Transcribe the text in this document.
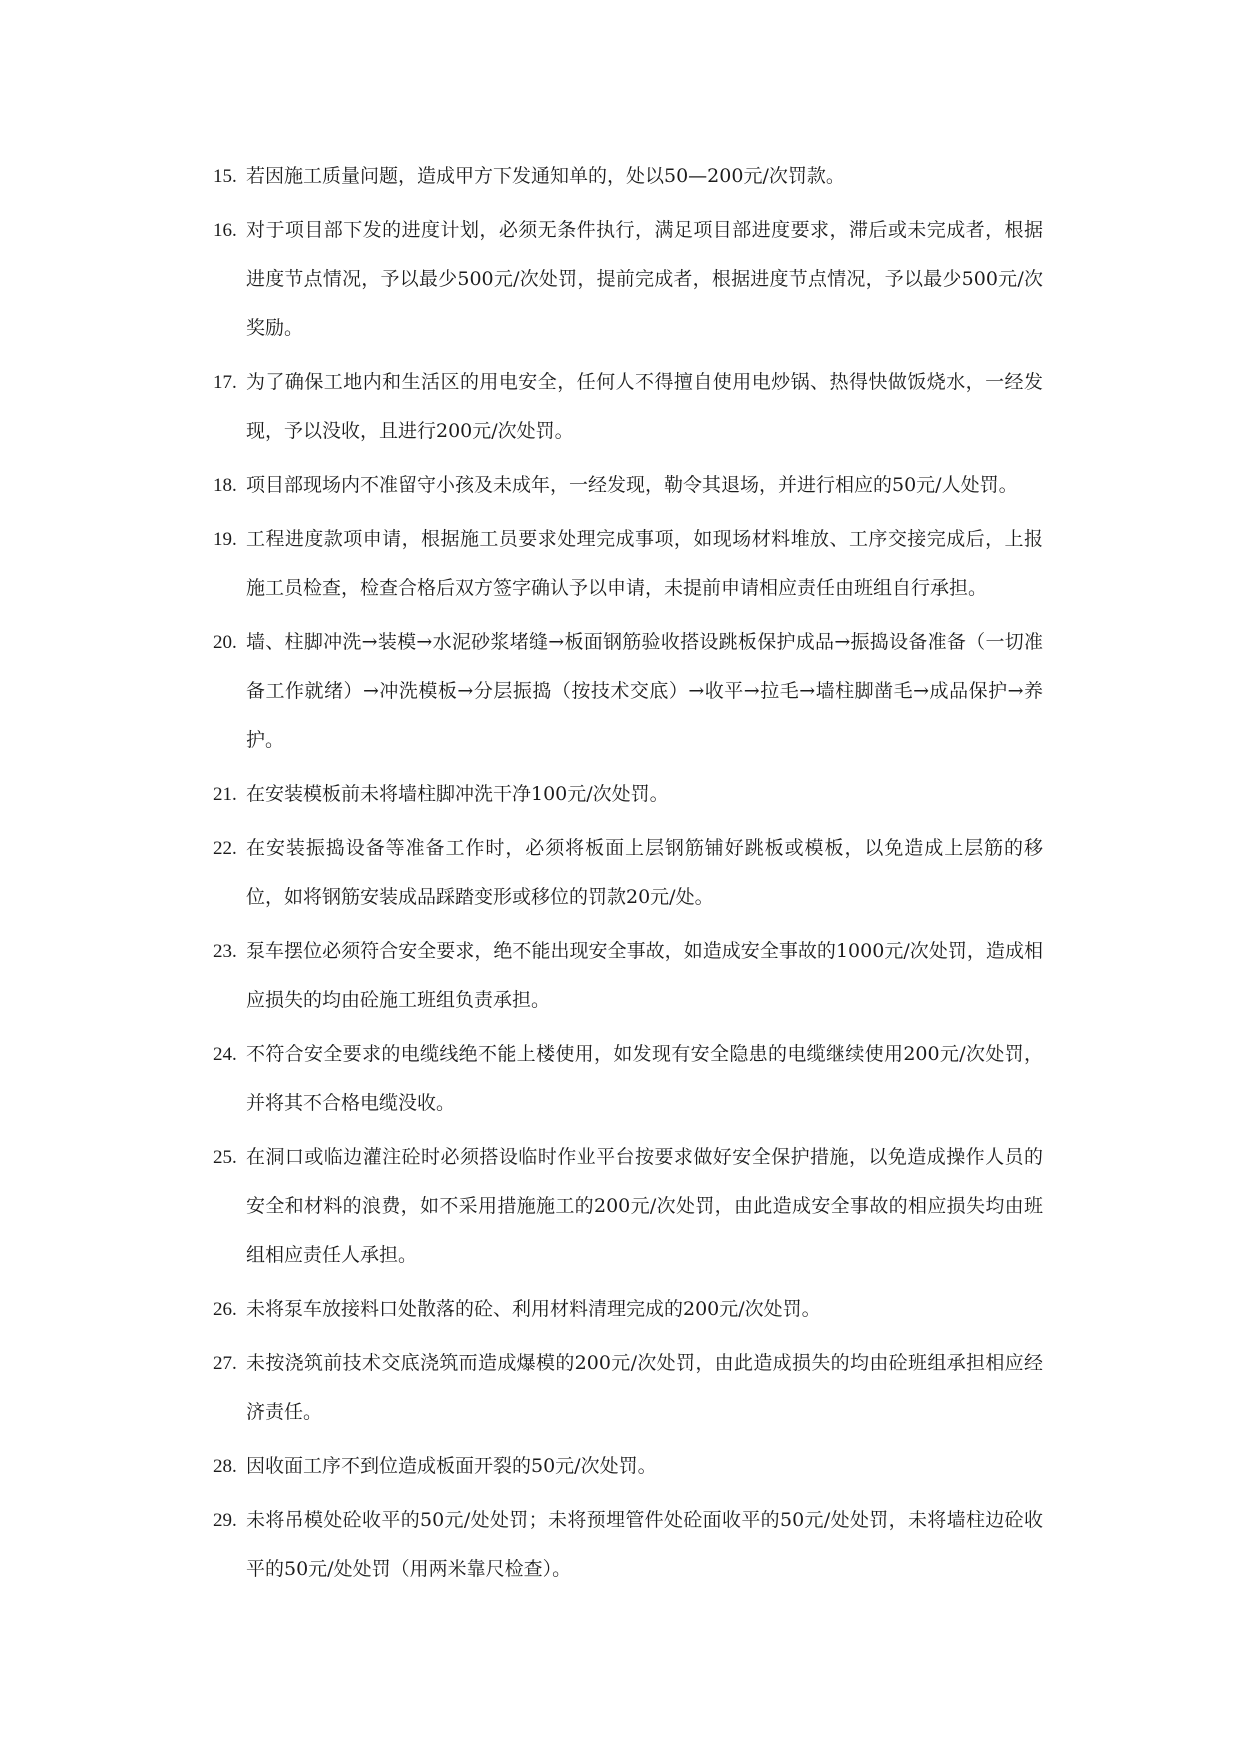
15. 若因施工质量问题，造成甲方下发通知单的，处以50—200元/次罚款。
16. 对于项目部下发的进度计划，必须无条件执行，满足项目部进度要求，滞后或未完成者，根据进度节点情况，予以最少500元/次处罚，提前完成者，根据进度节点情况，予以最少500元/次奖励。
17. 为了确保工地内和生活区的用电安全，任何人不得擅自使用电炒锅、热得快做饭烧水，一经发现，予以没收，且进行200元/次处罚。
18. 项目部现场内不准留守小孩及未成年，一经发现，勒令其退场，并进行相应的50元/人处罚。
19. 工程进度款项申请，根据施工员要求处理完成事项，如现场材料堆放、工序交接完成后，上报施工员检查，检查合格后双方签字确认予以申请，未提前申请相应责任由班组自行承担。
20. 墙、柱脚冲洗→装模→水泥砂浆堵缝→板面钢筋验收搭设跳板保护成品→振捣设备准备（一切准备工作就绪）→冲洗模板→分层振捣（按技术交底）→收平→拉毛→墙柱脚凿毛→成品保护→养护。
21. 在安装模板前未将墙柱脚冲洗干净100元/次处罚。
22. 在安装振捣设备等准备工作时，必须将板面上层钢筋铺好跳板或模板，以免造成上层筋的移位，如将钢筋安装成品踩踏变形或移位的罚款20元/处。
23. 泵车摆位必须符合安全要求，绝不能出现安全事故，如造成安全事故的1000元/次处罚，造成相应损失的均由砼施工班组负责承担。
24. 不符合安全要求的电缆线绝不能上楼使用，如发现有安全隐患的电缆继续使用200元/次处罚，并将其不合格电缆没收。
25. 在洞口或临边灌注砼时必须搭设临时作业平台按要求做好安全保护措施，以免造成操作人员的安全和材料的浪费，如不采用措施施工的200元/次处罚，由此造成安全事故的相应损失均由班组相应责任人承担。
26. 未将泵车放接料口处散落的砼、利用材料清理完成的200元/次处罚。
27. 未按浇筑前技术交底浇筑而造成爆模的200元/次处罚，由此造成损失的均由砼班组承担相应经济责任。
28. 因收面工序不到位造成板面开裂的50元/次处罚。
29. 未将吊模处砼收平的50元/处处罚；未将预埋管件处砼面收平的50元/处处罚，未将墙柱边砼收平的50元/处处罚（用两米靠尺检查）。
